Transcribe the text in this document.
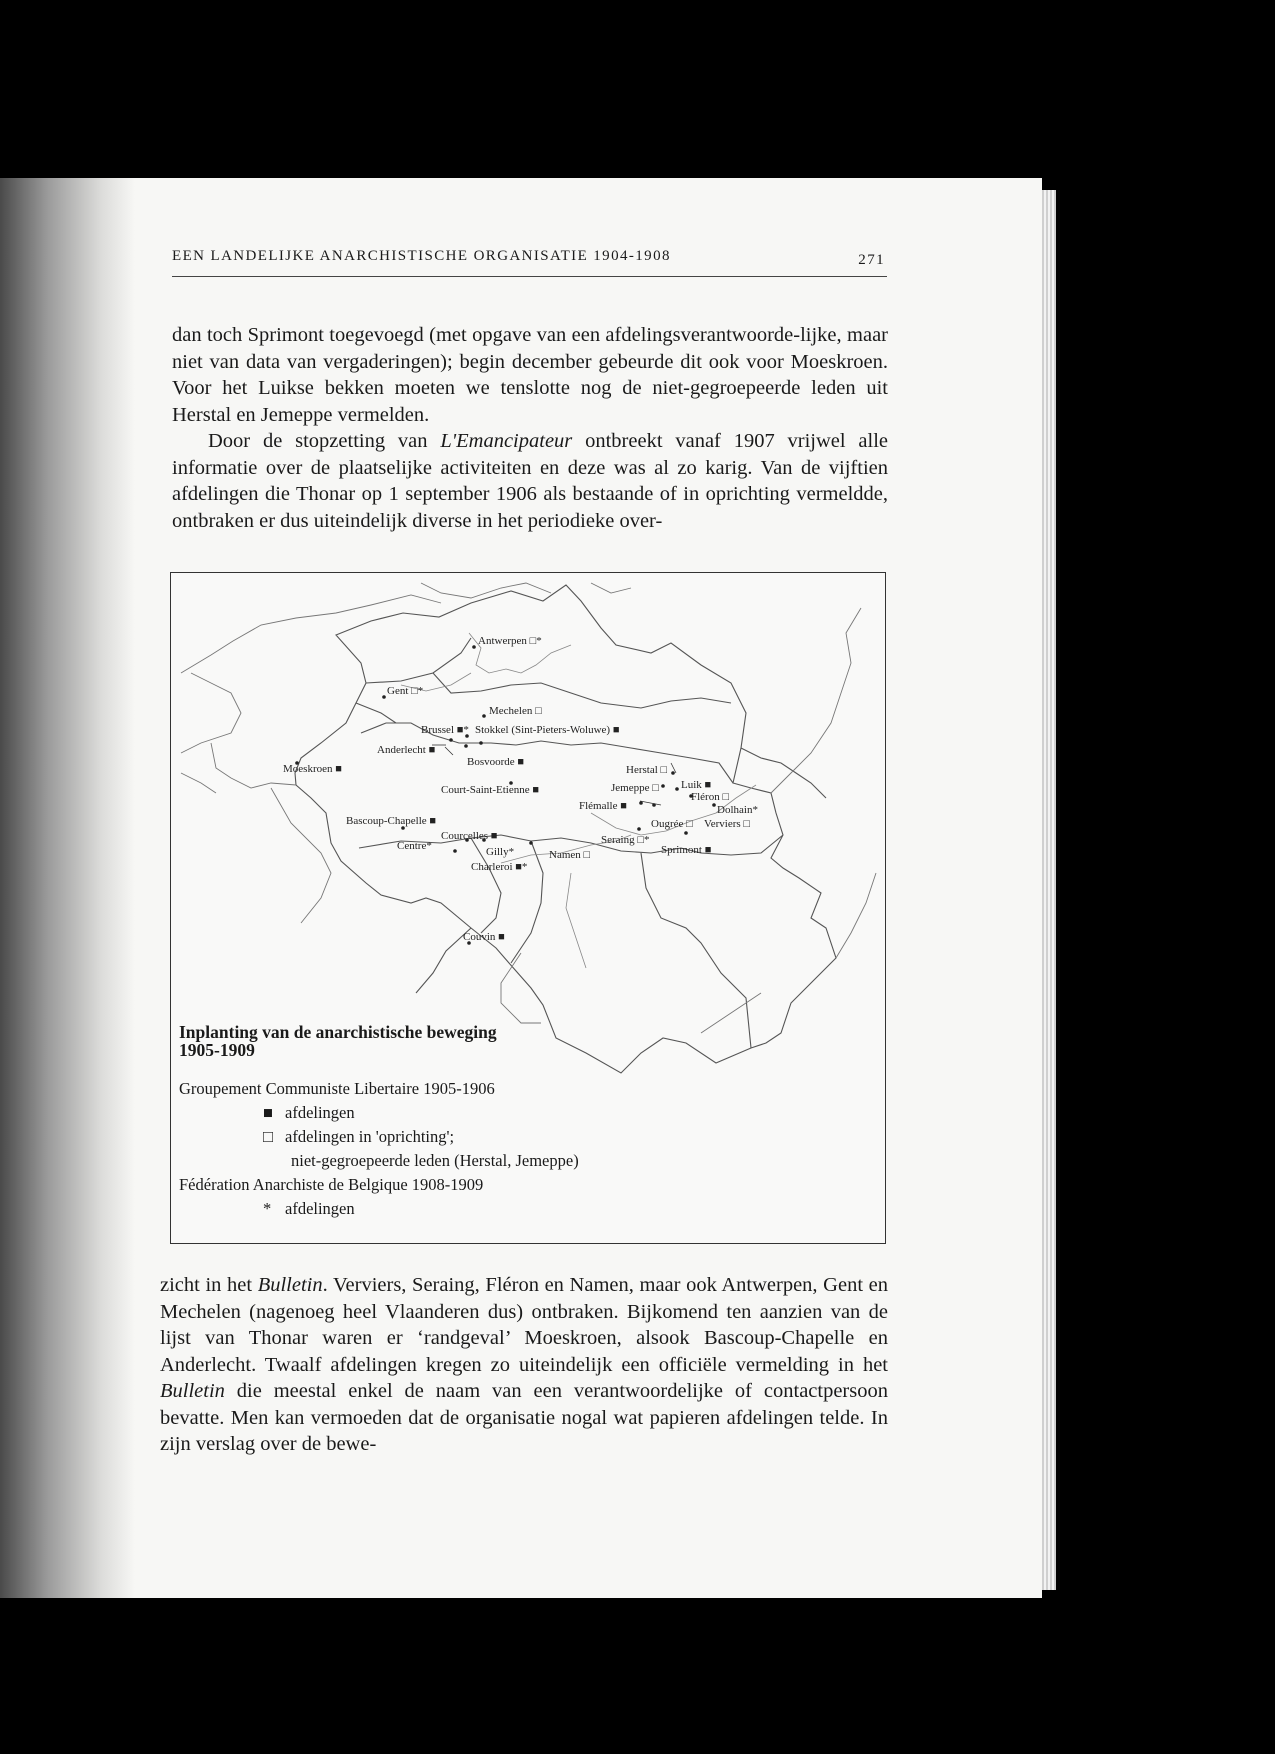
EEN LANDELIJKE ANARCHISTISCHE ORGANISATIE 1904-1908	271

dan toch Sprimont toegevoegd (met opgave van een afdelingsverantwoorde-lijke, maar niet van data van vergaderingen); begin december gebeurde dit ook voor Moeskroen. Voor het Luikse bekken moeten we tenslotte nog de niet-gegroepeerde leden uit Herstal en Jemeppe vermelden.

Door de stopzetting van L'Emancipateur ontbreekt vanaf 1907 vrijwel alle informatie over de plaatselijke activiteiten en deze was al zo karig. Van de vijftien afdelingen die Thonar op 1 september 1906 als bestaande of in oprichting vermeldde, ontbraken er dus uiteindelijk diverse in het periodieke over-

Antwerpen □*
Gent □*
Mechelen □
Brussel ■* Stokkel (Sint-Pieters-Woluwe) ■
Anderlecht ■
Bosvoorde ■
Moeskroen ■
Court-Saint-Etienne ■
Herstal □
Jemeppe □ Luik ■
Fléron □
Dolhain*
Flémalle ■
Ougrée □ Verviers □
Seraing □*
Sprimont ■
Bascoup-Chapelle ■
Centre*
Courcelles ■
Gilly*	Namen □
Charleroi ■*
Couvin ■
Inplanting van de anarchistische beweging
1905-1909
Groupement Communiste Libertaire 1905-1906
■ afdelingen
□ afdelingen in 'oprichting';
niet-gegroepeerde leden (Herstal, Jemeppe)
Fédération Anarchiste de Belgique 1908-1909
* afdelingen

zicht in het Bulletin. Verviers, Seraing, Fléron en Namen, maar ook Antwerpen, Gent en Mechelen (nagenoeg heel Vlaanderen dus) ontbraken. Bijkomend ten aanzien van de lijst van Thonar waren er ‘randgeval’ Moeskroen, alsook Bascoup-Chapelle en Anderlecht. Twaalf afdelingen kregen zo uiteindelijk een officiële vermelding in het Bulletin die meestal enkel de naam van een verantwoordelijke of contactpersoon bevatte. Men kan vermoeden dat de organisatie nogal wat papieren afdelingen telde. In zijn verslag over de bewe-
